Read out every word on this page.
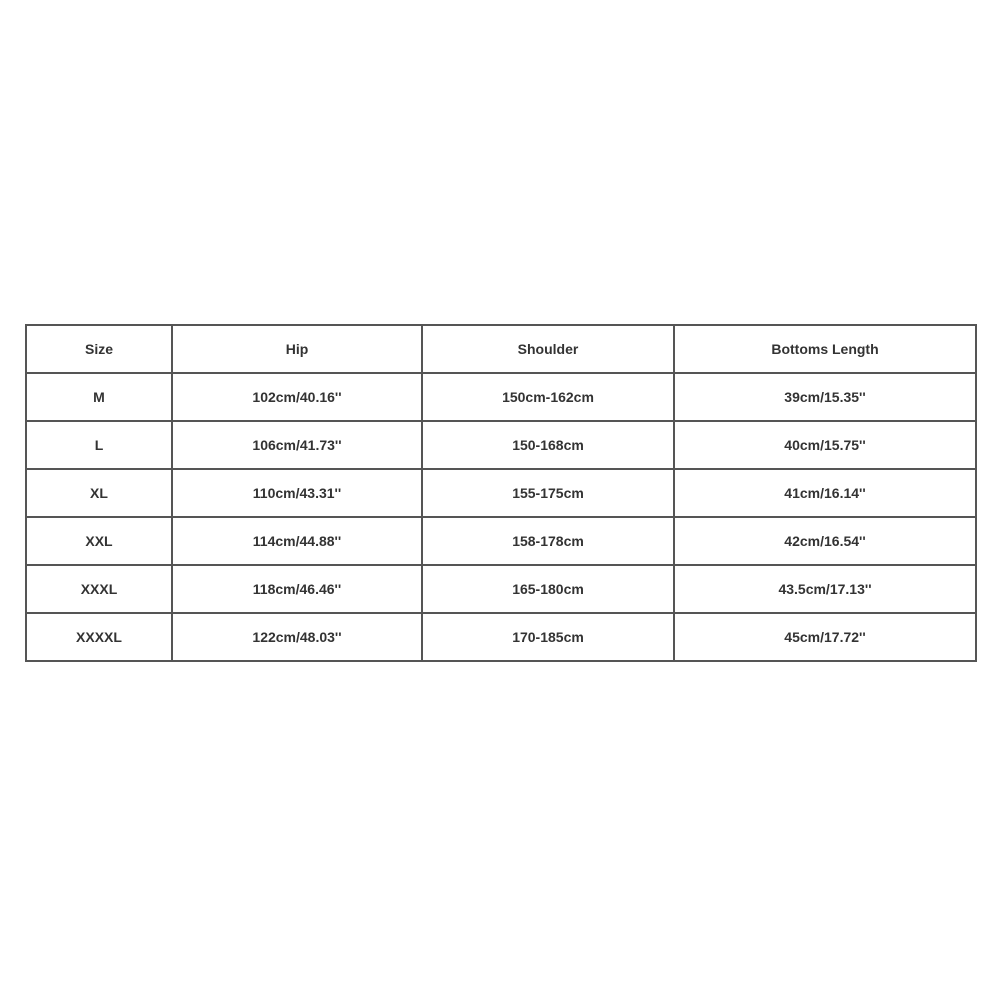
Size	Hip	Shoulder	Bottoms Length
M	102cm/40.16''	150cm-162cm	39cm/15.35''
L	106cm/41.73''	150-168cm	40cm/15.75''
XL	110cm/43.31''	155-175cm	41cm/16.14''
XXL	114cm/44.88''	158-178cm	42cm/16.54''
XXXL	118cm/46.46''	165-180cm	43.5cm/17.13''
XXXXL	122cm/48.03''	170-185cm	45cm/17.72''
